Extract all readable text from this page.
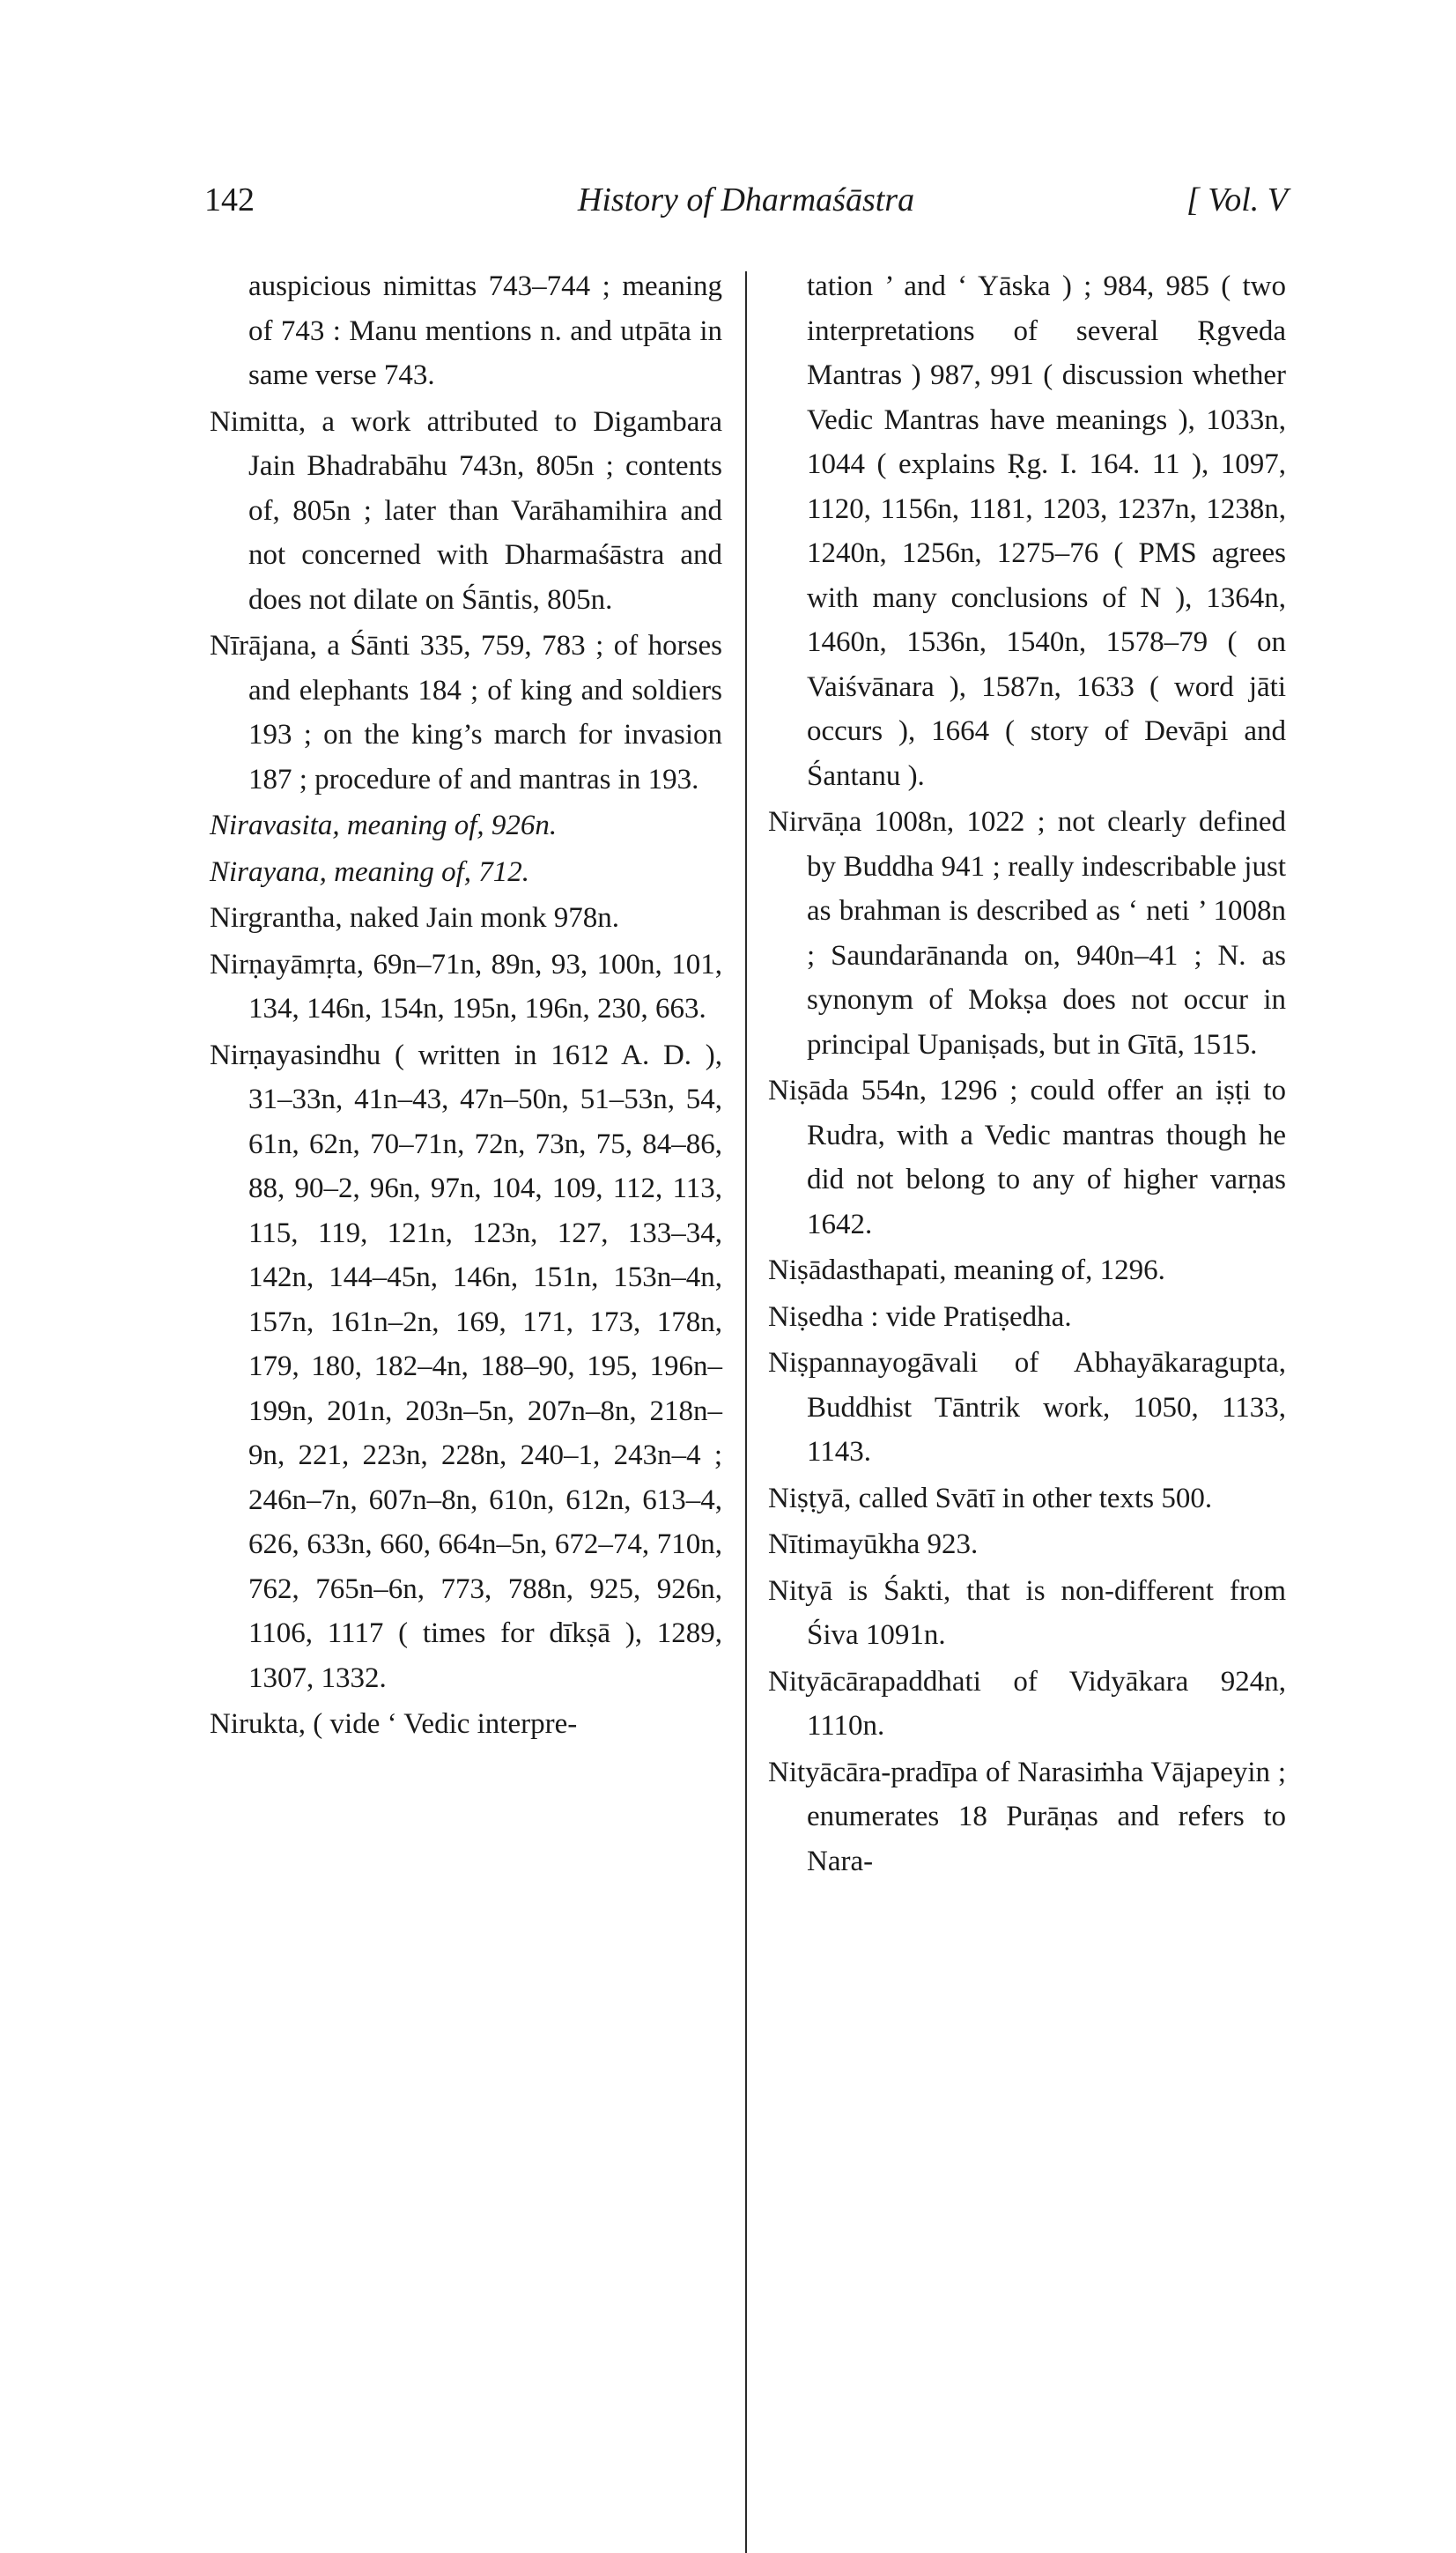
142	History of Dharmaśāstra	[ Vol. V
auspicious nimittas 743–744 ; meaning of 743 : Manu mentions n. and utpāta in same verse 743.
Nimitta, a work attributed to Digambara Jain Bhadrabāhu 743n, 805n ; contents of, 805n ; later than Varāhamihira and not concerned with Dharmaśāstra and does not dilate on Śāntis, 805n.
Nīrājana, a Śānti 335, 759, 783 ; of horses and elephants 184 ; of king and soldiers 193 ; on the king’s march for invasion 187 ; procedure of and mantras in 193.
Niravasita, meaning of, 926n.
Nirayana, meaning of, 712.
Nirgrantha, naked Jain monk 978n.
Nirṇayāmṛta, 69n–71n, 89n, 93, 100n, 101, 134, 146n, 154n, 195n, 196n, 230, 663.
Nirṇayasindhu ( written in 1612 A. D. ), 31–33n, 41n–43, 47n–50n, 51–53n, 54, 61n, 62n, 70–71n, 72n, 73n, 75, 84–86, 88, 90–2, 96n, 97n, 104, 109, 112, 113, 115, 119, 121n, 123n, 127, 133–34, 142n, 144–45n, 146n, 151n, 153n–4n, 157n, 161n–2n, 169, 171, 173, 178n, 179, 180, 182–4n, 188–90, 195, 196n–199n, 201n, 203n–5n, 207n–8n, 218n–9n, 221, 223n, 228n, 240–1, 243n–4 ; 246n–7n, 607n–8n, 610n, 612n, 613–4, 626, 633n, 660, 664n–5n, 672–74, 710n, 762, 765n–6n, 773, 788n, 925, 926n, 1106, 1117 ( times for dīkṣā ), 1289, 1307, 1332.
Nirukta, ( vide ‘ Vedic interpre-
tation ’ and ‘ Yāska ) ; 984, 985 ( two interpretations of several Ṛgveda Mantras ) 987, 991 ( discussion whether Vedic Mantras have meanings ), 1033n, 1044 ( explains Ṛg. I. 164. 11 ), 1097, 1120, 1156n, 1181, 1203, 1237n, 1238n, 1240n, 1256n, 1275–76 ( PMS agrees with many conclusions of N ), 1364n, 1460n, 1536n, 1540n, 1578–79 ( on Vaiśvānara ), 1587n, 1633 ( word jāti occurs ), 1664 ( story of Devāpi and Śantanu ).
Nirvāṇa 1008n, 1022 ; not clearly defined by Buddha 941 ; really indescribable just as brahman is described as ‘ neti ’ 1008n ; Saundarānanda on, 940n–41 ; N. as synonym of Mokṣa does not occur in principal Upaniṣads, but in Gītā, 1515.
Niṣāda 554n, 1296 ; could offer an iṣṭi to Rudra, with a Vedic mantras though he did not belong to any of higher varṇas 1642.
Niṣādasthapati, meaning of, 1296.
Niṣedha : vide Pratiṣedha.
Niṣpannayogāvali of Abhayākaragupta, Buddhist Tāntrik work, 1050, 1133, 1143.
Niṣṭyā, called Svātī in other texts 500.
Nītimayūkha 923.
Nityā is Śakti, that is non-different from Śiva 1091n.
Nityācārapaddhati of Vidyākara 924n, 1110n.
Nityācāra-pradīpa of Narasiṁha Vājapeyin ; enumerates 18 Purāṇas and refers to Nara-
